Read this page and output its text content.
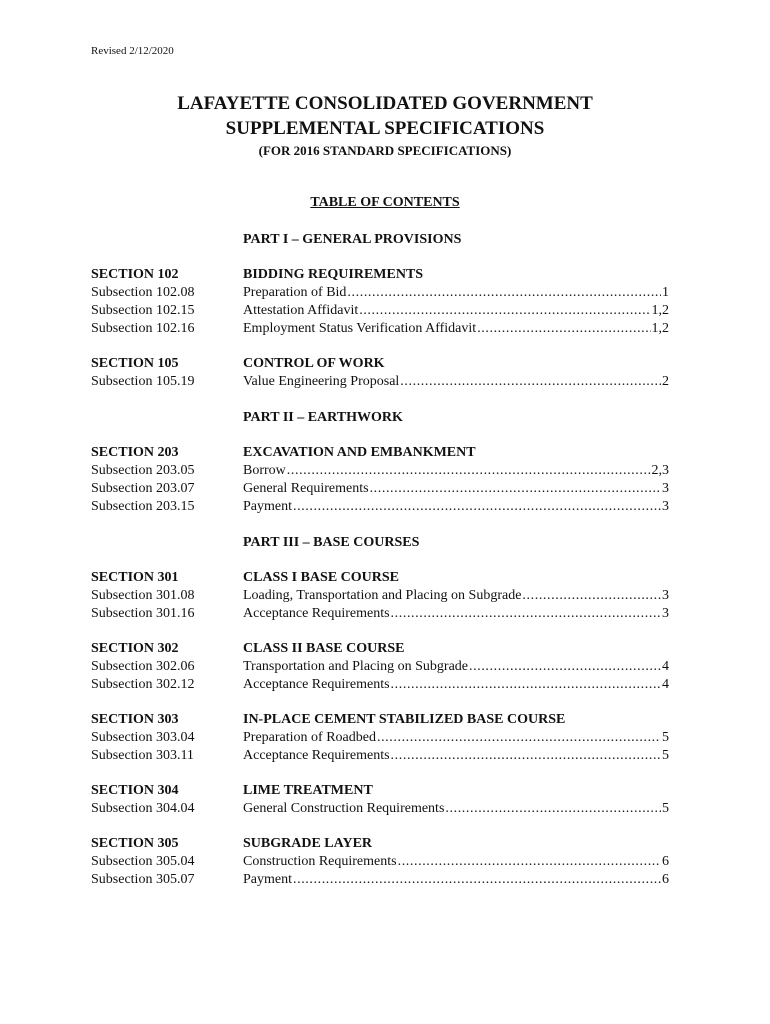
Revised 2/12/2020
LAFAYETTE CONSOLIDATED GOVERNMENT
SUPPLEMENTAL SPECIFICATIONS
(FOR 2016 STANDARD SPECIFICATIONS)
TABLE OF CONTENTS
PART I – GENERAL PROVISIONS
SECTION 102	BIDDING REQUIREMENTS
Subsection 102.08	Preparation of Bid .....	1
Subsection 102.15	Attestation Affidavit .....	1,2
Subsection 102.16	Employment Status Verification Affidavit .....	1,2
SECTION 105	CONTROL OF WORK
Subsection 105.19	Value Engineering Proposal .....	2
PART II – EARTHWORK
SECTION 203	EXCAVATION AND EMBANKMENT
Subsection 203.05	Borrow .....	2,3
Subsection 203.07	General Requirements .....	3
Subsection 203.15	Payment .....	3
PART III – BASE COURSES
SECTION 301	CLASS I BASE COURSE
Subsection 301.08	Loading, Transportation and Placing on Subgrade .....	3
Subsection 301.16	Acceptance Requirements .....	3
SECTION 302	CLASS II BASE COURSE
Subsection 302.06	Transportation and Placing on Subgrade .....	4
Subsection 302.12	Acceptance Requirements .....	4
SECTION 303	IN-PLACE CEMENT STABILIZED BASE COURSE
Subsection 303.04	Preparation of Roadbed .....	5
Subsection 303.11	Acceptance Requirements .....	5
SECTION 304	LIME TREATMENT
Subsection 304.04	General Construction Requirements .....	5
SECTION 305	SUBGRADE LAYER
Subsection 305.04	Construction Requirements .....	6
Subsection 305.07	Payment .....	6
